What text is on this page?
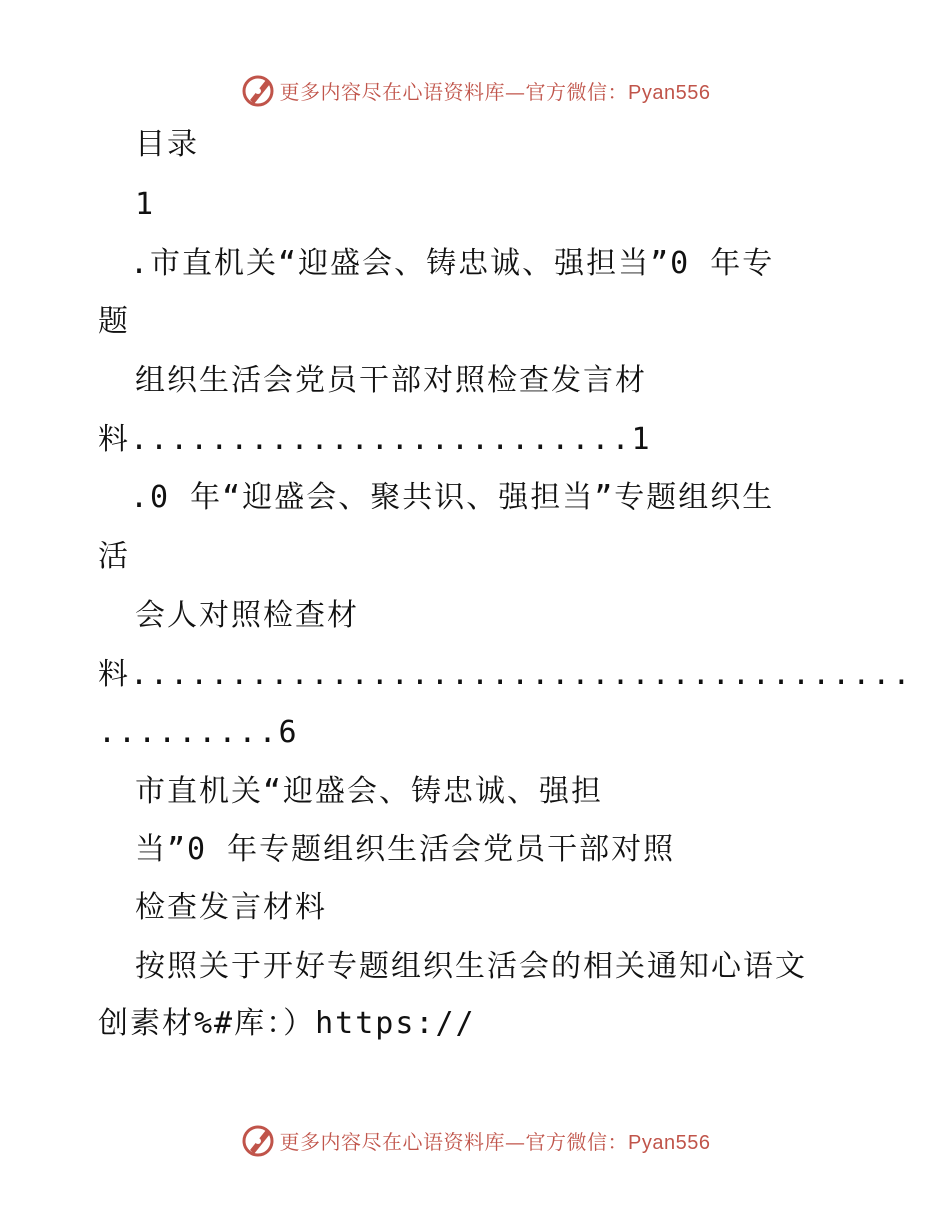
更多内容尽在心语资料库—官方微信：Pyan556
目录
1
.市直机关“迎盛会、铸忠诚、强担当”0 年专
题
组织生活会党员干部对照检查发言材
料.........................1
.0 年“迎盛会、聚共识、强担当”专题组织生
活
会人对照检查材
料.......................................
.........6
市直机关“迎盛会、铸忠诚、强担
当”0 年专题组织生活会党员干部对照
检查发言材料
按照关于开好专题组织生活会的相关通知心语文
创素材%#库：）https://
更多内容尽在心语资料库—官方微信：Pyan556
